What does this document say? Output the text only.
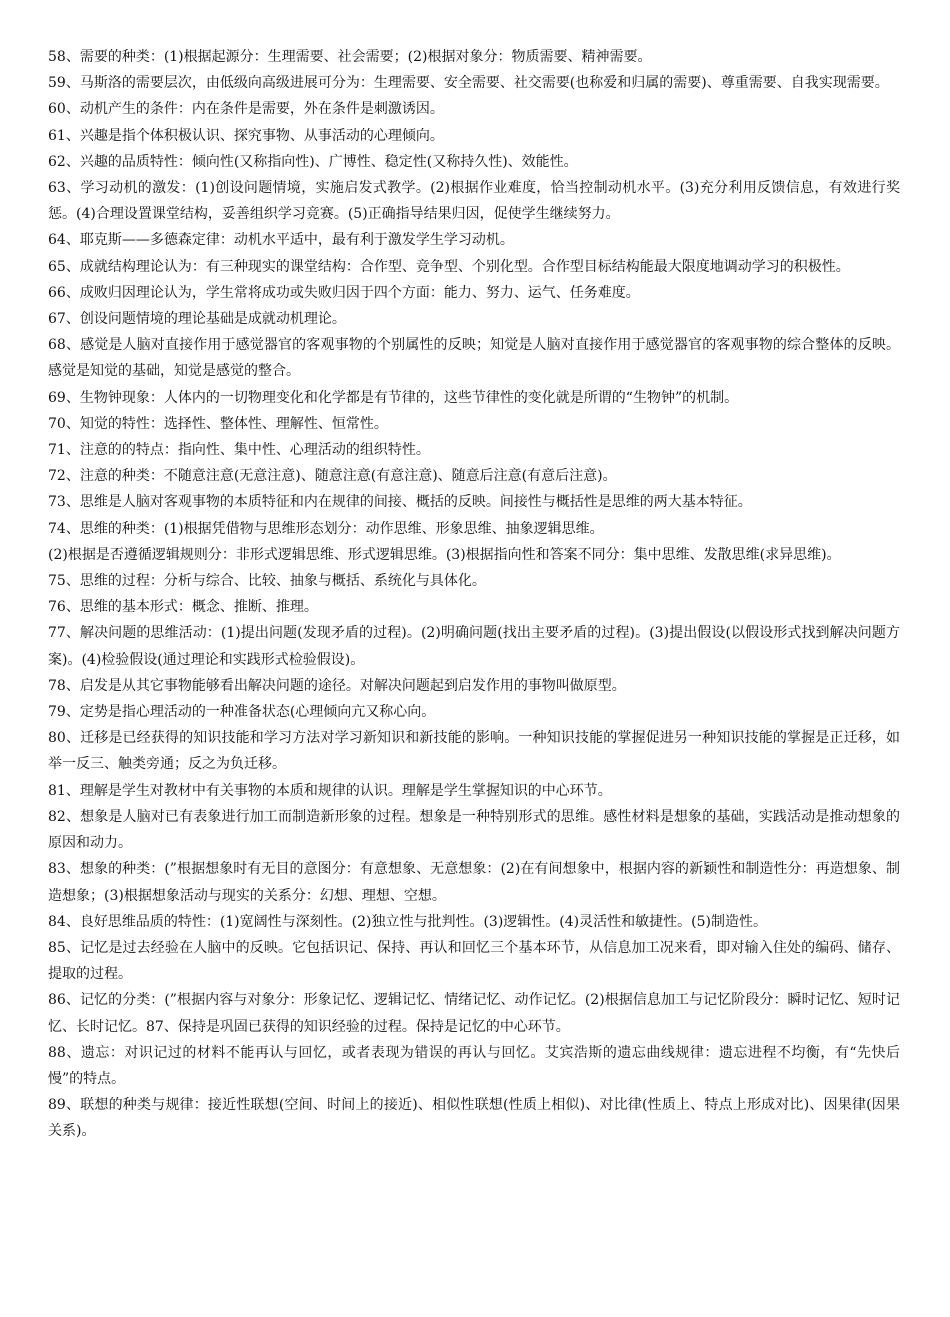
58、需要的种类：(1)根据起源分：生理需要、社会需要；(2)根据对象分：物质需要、精神需要。

59、马斯洛的需要层次，由低级向高级进展可分为：生理需要、安全需要、社交需要(也称爱和归属的需要)、尊重需要、自我实现需要。

60、动机产生的条件：内在条件是需要，外在条件是刺激诱因。

61、兴趣是指个体积极认识、探究事物、从事活动的心理倾向。

62、兴趣的品质特性：倾向性(又称指向性)、广博性、稳定性(又称持久性)、效能性。

63、学习动机的激发：(1)创设问题情境，实施启发式教学。(2)根据作业难度，恰当控制动机水平。(3)充分利用反馈信息，有效进行奖惩。(4)合理设置课堂结构，妥善组织学习竞赛。(5)正确指导结果归因，促使学生继续努力。

64、耶克斯——多德森定律：动机水平适中，最有利于激发学生学习动机。

65、成就结构理论认为：有三种现实的课堂结构：合作型、竞争型、个别化型。合作型目标结构能最大限度地调动学习的积极性。

66、成败归因理论认为，学生常将成功或失败归因于四个方面：能力、努力、运气、任务难度。

67、创设问题情境的理论基础是成就动机理论。

68、感觉是人脑对直接作用于感觉器官的客观事物的个别属性的反映；知觉是人脑对直接作用于感觉器官的客观事物的综合整体的反映。感觉是知觉的基础，知觉是感觉的整合。

69、生物钟现象：人体内的一切物理变化和化学都是有节律的，这些节律性的变化就是所谓的“生物钟”的机制。

70、知觉的特性：选择性、整体性、理解性、恒常性。

71、注意的的特点：指向性、集中性、心理活动的组织特性。

72、注意的种类：不随意注意(无意注意)、随意注意(有意注意)、随意后注意(有意后注意)。

73、思维是人脑对客观事物的本质特征和内在规律的间接、概括的反映。间接性与概括性是思维的两大基本特征。

74、思维的种类：(1)根据凭借物与思维形态划分：动作思维、形象思维、抽象逻辑思维。

(2)根据是否遵循逻辑规则分：非形式逻辑思维、形式逻辑思维。(3)根据指向性和答案不同分：集中思维、发散思维(求异思维)。

75、思维的过程：分析与综合、比较、抽象与概括、系统化与具体化。

76、思维的基本形式：概念、推断、推理。

77、解决问题的思维活动：(1)提出问题(发现矛盾的过程)。(2)明确问题(找出主要矛盾的过程)。(3)提出假设(以假设形式找到解决问题方案)。(4)检验假设(通过理论和实践形式检验假设)。

78、启发是从其它事物能够看出解决问题的途径。对解决问题起到启发作用的事物叫做原型。

79、定势是指心理活动的一种准备状态(心理倾向亢又称心向。

80、迁移是已经获得的知识技能和学习方法对学习新知识和新技能的影响。一种知识技能的掌握促进另一种知识技能的掌握是正迁移，如举一反三、触类旁通；反之为负迁移。

81、理解是学生对教材中有关事物的本质和规律的认识。理解是学生掌握知识的中心环节。

82、想象是人脑对已有表象进行加工而制造新形象的过程。想象是一种特别形式的思维。感性材料是想象的基础，实践活动是推动想象的原因和动力。

83、想象的种类：(”根据想象时有无目的意图分：有意想象、无意想象：(2)在有间想象中，根据内容的新颖性和制造性分：再造想象、制造想象；(3)根据想象活动与现实的关系分：幻想、理想、空想。

84、良好思维品质的特性：(1)宽阔性与深刻性。(2)独立性与批判性。(3)逻辑性。(4)灵活性和敏捷性。(5)制造性。

85、记忆是过去经验在人脑中的反映。它包括识记、保持、再认和回忆三个基本环节，从信息加工况来看，即对输入住处的编码、储存、提取的过程。

86、记忆的分类：(”根据内容与对象分：形象记忆、逻辑记忆、情绪记忆、动作记忆。(2)根据信息加工与记忆阶段分：瞬时记忆、短时记忆、长时记忆。87、保持是巩固已获得的知识经验的过程。保持是记忆的中心环节。

88、遗忘：对识记过的材料不能再认与回忆，或者表现为错误的再认与回忆。艾宾浩斯的遗忘曲线规律：遗忘进程不均衡，有“先快后慢”的特点。

89、联想的种类与规律：接近性联想(空间、时间上的接近)、相似性联想(性质上相似)、对比律(性质上、特点上形成对比)、因果律(因果关系)。
